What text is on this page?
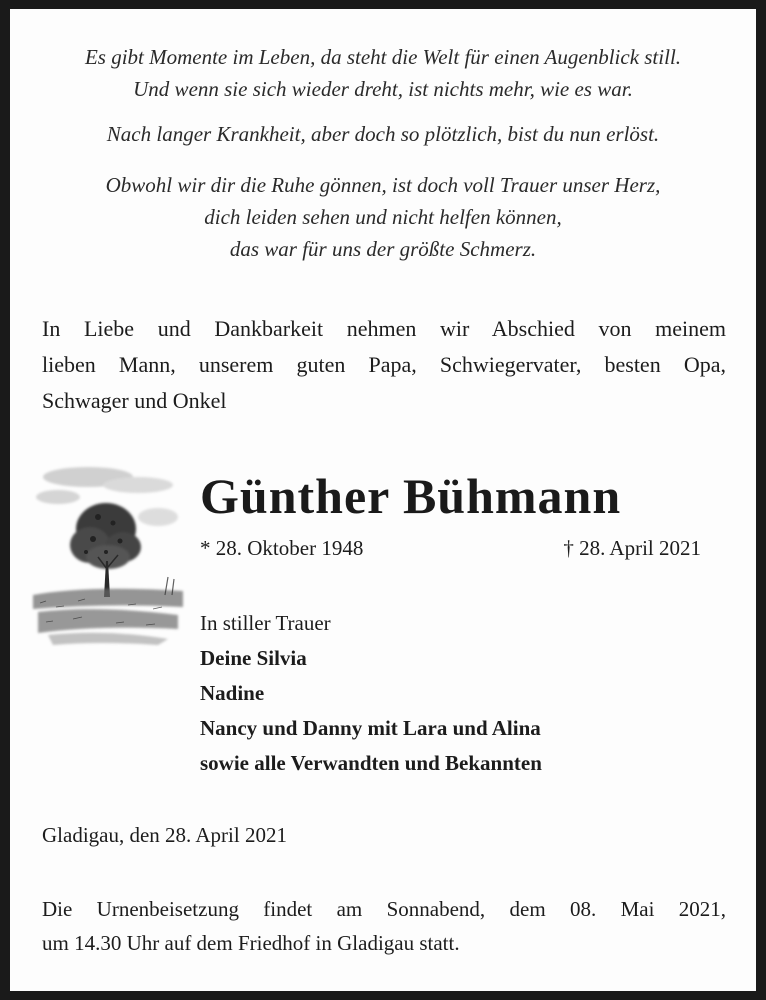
Es gibt Momente im Leben, da steht die Welt für einen Augenblick still.
Und wenn sie sich wieder dreht, ist nichts mehr, wie es war.
Nach langer Krankheit, aber doch so plötzlich, bist du nun erlöst.
Obwohl wir dir die Ruhe gönnen, ist doch voll Trauer unser Herz,
dich leiden sehen und nicht helfen können,
das war für uns der größte Schmerz.
In Liebe und Dankbarkeit nehmen wir Abschied von meinem
lieben Mann, unserem guten Papa, Schwiegervater, besten Opa,
Schwager und Onkel
Günther Bühmann
* 28. Oktober 1948	† 28. April 2021
In stiller Trauer
Deine Silvia
Nadine
Nancy und Danny mit Lara und Alina
sowie alle Verwandten und Bekannten
Gladigau, den 28. April 2021
Die Urnenbeisetzung findet am Sonnabend, dem 08. Mai 2021,
um 14.30 Uhr auf dem Friedhof in Gladigau statt.
